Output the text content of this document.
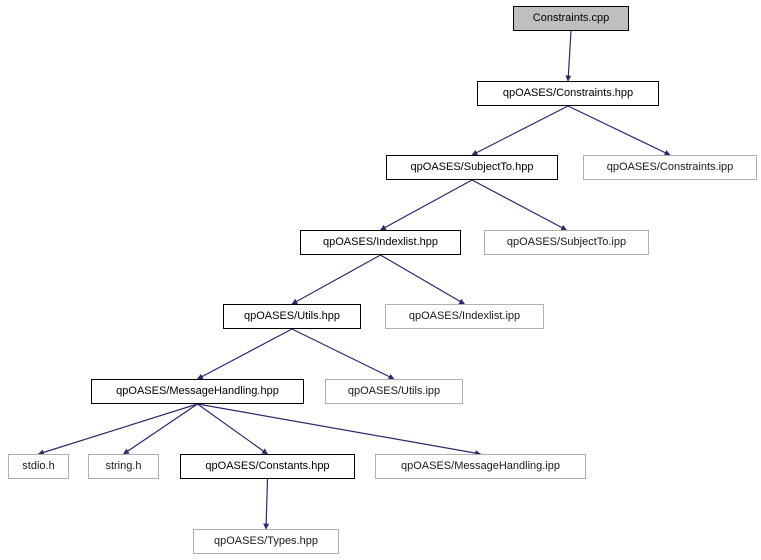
Constraints.cpp
qpOASES/Constraints.hpp
qpOASES/SubjectTo.hpp	qpOASES/Constraints.ipp
qpOASES/Indexlist.hpp	qpOASES/SubjectTo.ipp
qpOASES/Utils.hpp	qpOASES/Indexlist.ipp
qpOASES/MessageHandling.hpp	qpOASES/Utils.ipp
stdio.h	string.h	qpOASES/Constants.hpp	qpOASES/MessageHandling.ipp
qpOASES/Types.hpp
